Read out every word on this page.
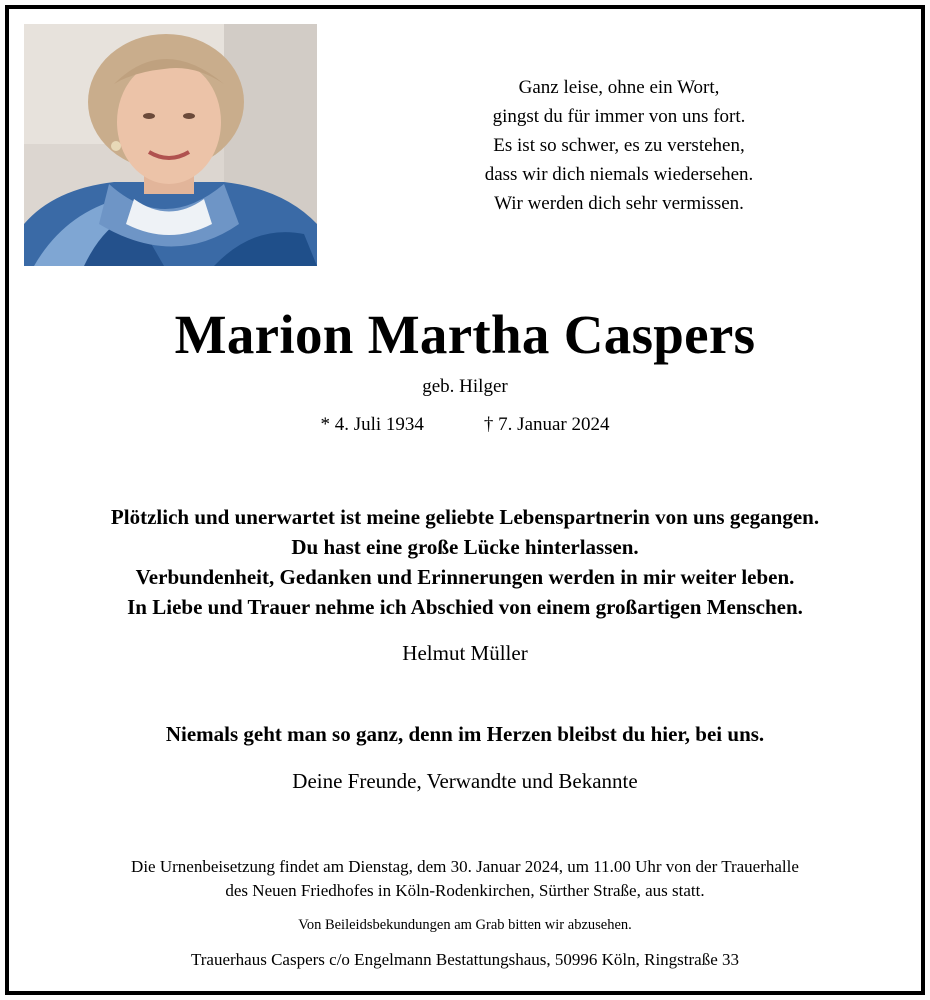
Ganz leise, ohne ein Wort,
gingst du für immer von uns fort.
Es ist so schwer, es zu verstehen,
dass wir dich niemals wiedersehen.
Wir werden dich sehr vermissen.
Marion Martha Caspers
geb. Hilger
* 4. Juli 1934	† 7. Januar 2024
Plötzlich und unerwartet ist meine geliebte Lebenspartnerin von uns gegangen.
Du hast eine große Lücke hinterlassen.
Verbundenheit, Gedanken und Erinnerungen werden in mir weiter leben.
In Liebe und Trauer nehme ich Abschied von einem großartigen Menschen.
Helmut Müller
Niemals geht man so ganz, denn im Herzen bleibst du hier, bei uns.
Deine Freunde, Verwandte und Bekannte
Die Urnenbeisetzung findet am Dienstag, dem 30. Januar 2024, um 11.00 Uhr von der Trauerhalle
des Neuen Friedhofes in Köln-Rodenkirchen, Sürther Straße, aus statt.
Von Beileidsbekundungen am Grab bitten wir abzusehen.
Trauerhaus Caspers c/o Engelmann Bestattungshaus, 50996 Köln, Ringstraße 33
